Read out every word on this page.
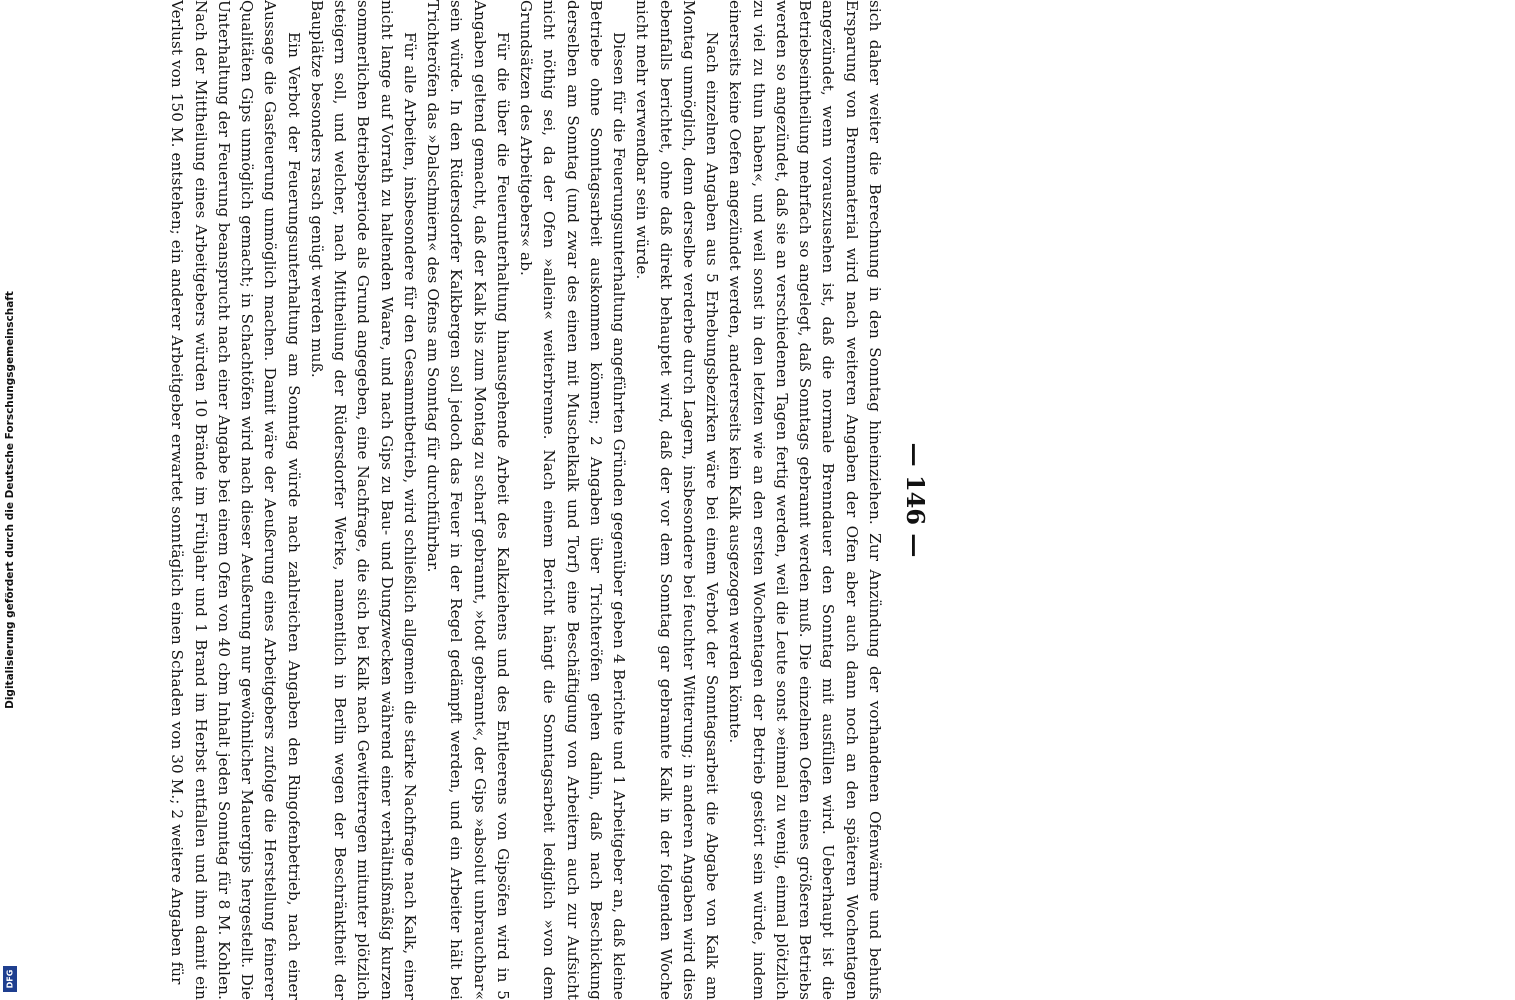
Digitalisierung gefördert durch die Deutsche Forschungsgemeinschaft
DFG
— 146 —

sich daher weiter die Berechnung in den Sonntag hineinziehen. Zur Anzündung der vorhandenen Ofenwärme und behufs Ersparung von Brennmaterial wird nach weiteren Angaben der Ofen aber auch dann noch an den späteren Wochentagen angezündet, wenn vorauszusehen ist, daß die normale Brenndauer den Sonntag mit ausfüllen wird. Ueberhaupt ist die Betriebseintheilung mehrfach so angelegt, daß Sonntags gebrannt werden muß. Die einzelnen Oefen eines größeren Betriebs werden so angezündet, daß sie an verschiedenen Tagen fertig werden, weil die Leute sonst »einmal zu wenig, einmal plötzlich zu viel zu thun haben«, und weil sonst in den letzten wie an den ersten Wochentagen der Betrieb gestört sein würde, indem einerseits keine Oefen angezündet werden, andererseits kein Kalk ausgezogen werden könnte.

Nach einzelnen Angaben aus 5 Erhebungsbezirken wäre bei einem Verbot der Sonntagsarbeit die Abgabe von Kalk am Montag unmöglich, denn derselbe verderbe durch Lagern, insbesondere bei feuchter Witterung; in anderen Angaben wird dies ebenfalls berichtet, ohne daß direkt behauptet wird, daß der vor dem Sonntag gar gebrannte Kalk in der folgenden Woche nicht mehr verwendbar sein würde.

Diesen für die Feuerungsunterhaltung angeführten Gründen gegenüber geben 4 Berichte und 1 Arbeitgeber an, daß kleine Betriebe ohne Sonntagsarbeit auskommen können; 2 Angaben über Trichteröfen gehen dahin, daß nach Beschickung derselben am Sonntag (und zwar des einen mit Muschelkalk und Torf) eine Beschäftigung von Arbeitern auch zur Aufsicht nicht nöthig sei, da der Ofen »allein« weiterbrenne. Nach einem Bericht hängt die Sonntagsarbeit lediglich »von dem Grundsätzen des Arbeitgebers« ab.

Für die über die Feuerunterhaltung hinausgehende Arbeit des Kalkziehens und des Entleerens von Gipsöfen wird in 5 Angaben geltend gemacht, daß der Kalk bis zum Montag zu scharf gebrannt, »todt gebrannt«, der Gips »absolut unbrauchbar« sein würde. In den Rüdersdorfer Kalkbergen soll jedoch das Feuer in der Regel gedämpft werden, und ein Arbeiter hält bei Trichteröfen das »Dalschmiern« des Ofens am Sonntag für durchführbar.

Für alle Arbeiten, insbesondere für den Gesammtbetrieb, wird schließlich allgemein die starke Nachfrage nach Kalk, einer nicht lange auf Vorrath zu haltenden Waare, und nach Gips zu Bau- und Dungzwecken während einer verhältnißmäßig kurzen sommerlichen Betriebsperiode als Grund angegeben, eine Nachfrage, die sich bei Kalk nach Gewitterregen mitunter plötzlich steigern soll, und welcher, nach Mittheilung der Rüdersdorfer Werke, namentlich in Berlin wegen der Beschränktheit der Bauplätze besonders rasch genügt werden muß.

Ein Verbot der Feuerungsunterhaltung am Sonntag würde nach zahlreichen Angaben den Ringofenbetrieb, nach einer Aussage die Gasfeuerung unmöglich machen. Damit wäre der Aeußerung eines Arbeitgebers zufolge die Herstellung feinerer Qualitäten Gips unmöglich gemacht; in Schachtöfen wird nach dieser Aeußerung nur gewöhnlicher Mauergips hergestellt. Die Unterhaltung der Feuerung beansprucht nach einer Angabe bei einem Ofen von 40 cbm Inhalt jeden Sonntag für 8 M. Kohlen. Nach der Mittheilung eines Arbeitgebers würden 10 Brände im Frühjahr und 1 Brand im Herbst entfallen und ihm damit ein Verlust von 150 M. entstehen; ein anderer Arbeitgeber erwartet sonntäglich einen Schaden von 30 M.; 2 weitere Angaben für
